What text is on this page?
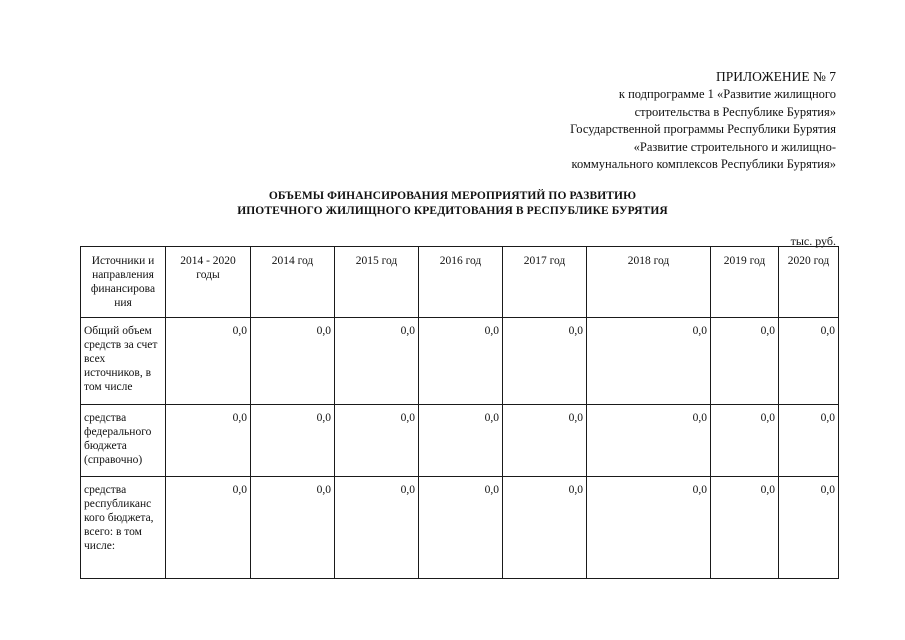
ПРИЛОЖЕНИЕ № 7
к подпрограмме 1 «Развитие жилищного
строительства в Республике Бурятия»
Государственной программы Республики Бурятия
«Развитие строительного и жилищно-
коммунального комплексов Республики Бурятия»
ОБЪЕМЫ ФИНАНСИРОВАНИЯ МЕРОПРИЯТИЙ ПО РАЗВИТИЮ
ИПОТЕЧНОГО ЖИЛИЩНОГО КРЕДИТОВАНИЯ В РЕСПУБЛИКЕ БУРЯТИЯ
тыс. руб.
Источники и направления финансирова ния	2014 - 2020 годы	2014 год	2015 год	2016 год	2017 год	2018 год	2019 год	2020 год
Общий объем средств за счет всех источников, в том числе	0,0	0,0	0,0	0,0	0,0	0,0	0,0	0,0
средства федерального бюджета (справочно)	0,0	0,0	0,0	0,0	0,0	0,0	0,0	0,0
средства республиканс кого бюджета, всего: в том числе:	0,0	0,0	0,0	0,0	0,0	0,0	0,0	0,0
